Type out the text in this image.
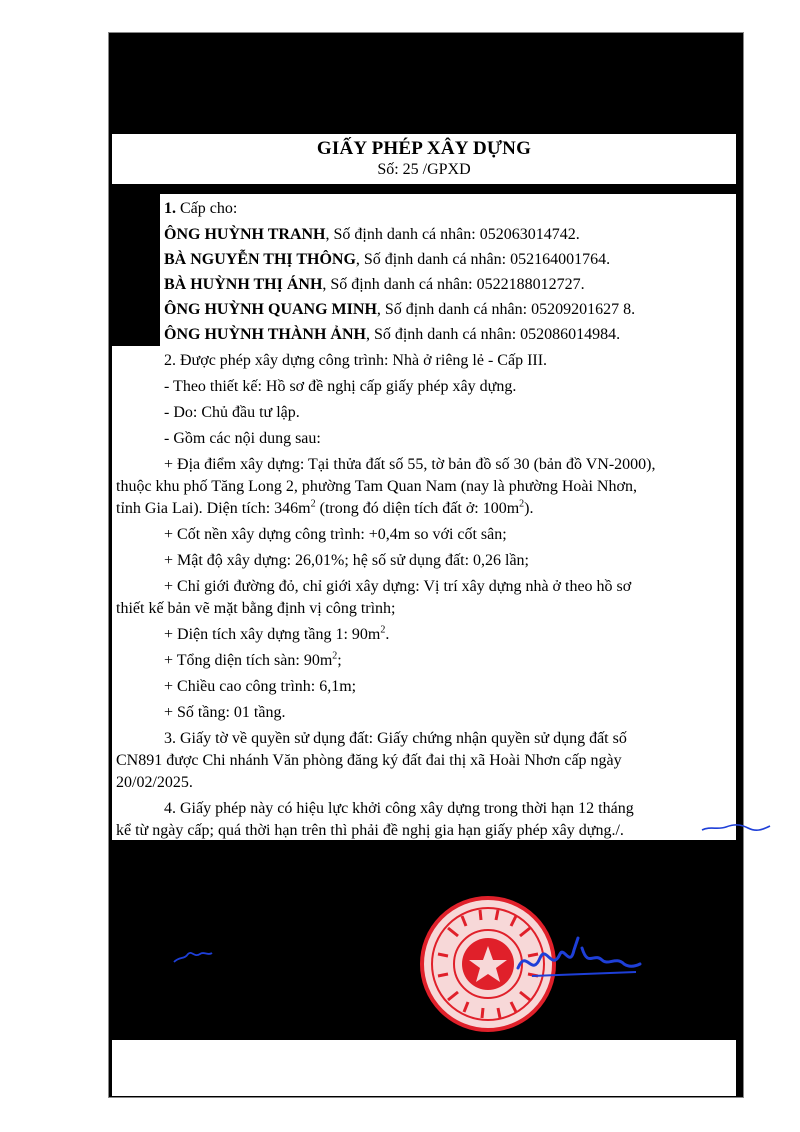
GIẤY PHÉP XÂY DỰNG
Số: 25 /GPXD
1. Cấp cho:
ÔNG HUỲNH TRANH, Số định danh cá nhân: 052063014742.
BÀ NGUYỄN THỊ THÔNG, Số định danh cá nhân: 052164001764.
BÀ HUỲNH THỊ ÁNH, Số định danh cá nhân: 0522188012727.
ÔNG HUỲNH QUANG MINH, Số định danh cá nhân: 05209201627 8.
ÔNG HUỲNH THÀNH ẢNH, Số định danh cá nhân: 052086014984.
2. Được phép xây dựng công trình: Nhà ở riêng lẻ - Cấp III.
- Theo thiết kế: Hồ sơ đề nghị cấp giấy phép xây dựng.
- Do: Chủ đầu tư lập.
- Gồm các nội dung sau:
+ Địa điểm xây dựng: Tại thửa đất số 55, tờ bản đồ số 30 (bản đồ VN-2000),
thuộc khu phố Tăng Long 2, phường Tam Quan Nam (nay là phường Hoài Nhơn,
tỉnh Gia Lai). Diện tích: $346m^2$ (trong đó diện tích đất ở: $100m^2$).
+ Cốt nền xây dựng công trình: +0,4m so với cốt sân;
+ Mật độ xây dựng: 26,01%; hệ số sử dụng đất: 0,26 lần;
+ Chỉ giới đường đỏ, chỉ giới xây dựng: Vị trí xây dựng nhà ở theo hồ sơ
thiết kế bản vẽ mặt bằng định vị công trình;
+ Diện tích xây dựng tầng 1: $90m^2$.
+ Tổng diện tích sàn: $90m^2$;
+ Chiều cao công trình: 6,1m;
+ Số tầng: 01 tầng.
3. Giấy tờ về quyền sử dụng đất: Giấy chứng nhận quyền sử dụng đất số
CN891 được Chi nhánh Văn phòng đăng ký đất đai thị xã Hoài Nhơn cấp ngày
20/02/2025.
4. Giấy phép này có hiệu lực khởi công xây dựng trong thời hạn 12 tháng
kể từ ngày cấp; quá thời hạn trên thì phải đề nghị gia hạn giấy phép xây dựng./.
